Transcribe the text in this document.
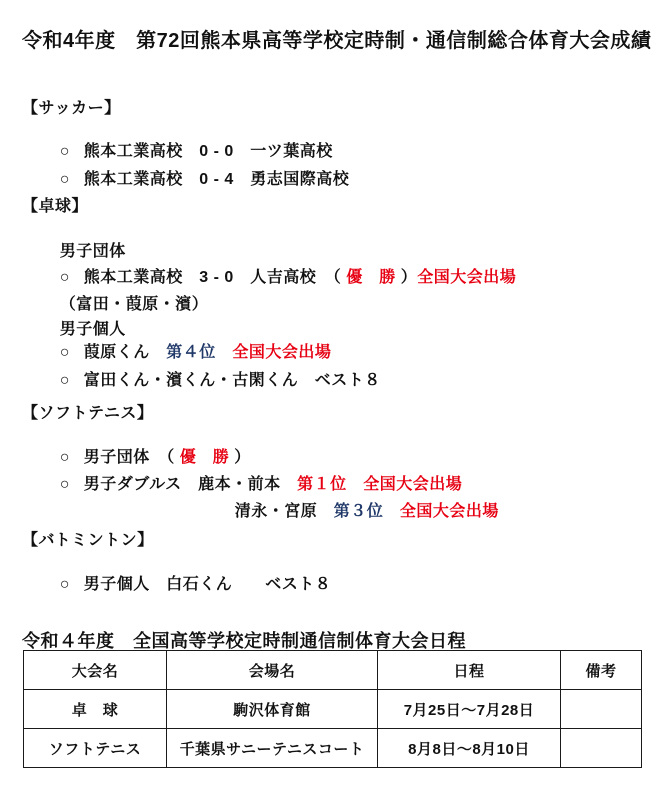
令和4年度　第72回熊本県高等学校定時制・通信制総合体育大会成績
【サッカー】

○ 熊本工業高校　0 - 0　一ツ葉高校

○ 熊本工業高校　0 - 4　勇志国際高校

【卓球】

男子団体

○ 熊本工業高校　3 - 0　人吉高校　（ 優　勝 ）全国大会出場

（富田・葭原・濱）

男子個人

○ 葭原くん　第４位　 全国大会出場

○ 富田くん・濱くん・古閑くん　ベスト８

【ソフトテニス】

○ 男子団体　（ 優　勝 ）

○ 男子ダブルス　鹿本・前本　第１位　 全国大会出場

清永・宮原　第３位　 全国大会出場

【バトミントン】

○ 男子個人　白石くん　　ベスト８

令和４年度　全国高等学校定時制通信制体育大会日程
大会名	会場名	日程	備考
卓　球	駒沢体育館	7月25日～7月28日	
ソフトテニス	千葉県サニーテニスコート	8月8日～8月10日	
